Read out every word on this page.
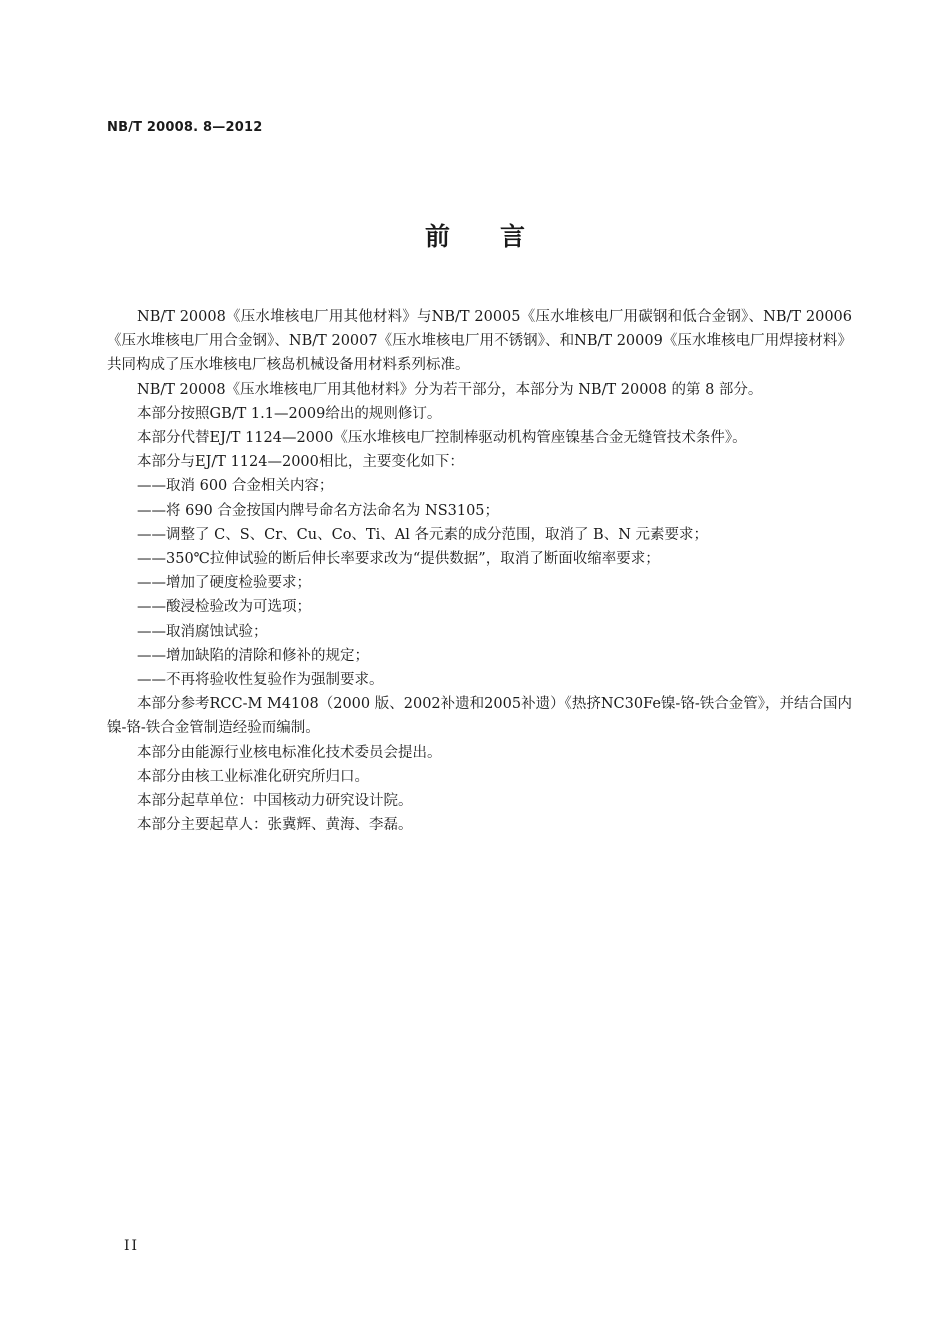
NB/T 20008. 8—2012
前言

NB/T 20008《压水堆核电厂用其他材料》与NB/T 20005《压水堆核电厂用碳钢和低合金钢》、NB/T 20006《压水堆核电厂用合金钢》、NB/T 20007《压水堆核电厂用不锈钢》、和NB/T 20009《压水堆核电厂用焊接材料》共同构成了压水堆核电厂核岛机械设备用材料系列标准。

NB/T 20008《压水堆核电厂用其他材料》分为若干部分，本部分为 NB/T 20008 的第 8 部分。

本部分按照GB/T 1.1—2009给出的规则修订。

本部分代替EJ/T 1124—2000《压水堆核电厂控制棒驱动机构管座镍基合金无缝管技术条件》。

本部分与EJ/T 1124—2000相比，主要变化如下：

——取消 600 合金相关内容；

——将 690 合金按国内牌号命名方法命名为 NS3105；

——调整了 C、S、Cr、Cu、Co、Ti、Al 各元素的成分范围，取消了 B、N 元素要求；

——350℃拉伸试验的断后伸长率要求改为“提供数据”，取消了断面收缩率要求；

——增加了硬度检验要求；

——酸浸检验改为可选项；

——取消腐蚀试验；

——增加缺陷的清除和修补的规定；

——不再将验收性复验作为强制要求。

本部分参考RCC-M M4108（2000 版、2002补遗和2005补遗）《热挤NC30Fe镍-铬-铁合金管》，并结合国内镍-铬-铁合金管制造经验而编制。

本部分由能源行业核电标准化技术委员会提出。

本部分由核工业标准化研究所归口。

本部分起草单位：中国核动力研究设计院。

本部分主要起草人：张冀辉、黄海、李磊。

II
